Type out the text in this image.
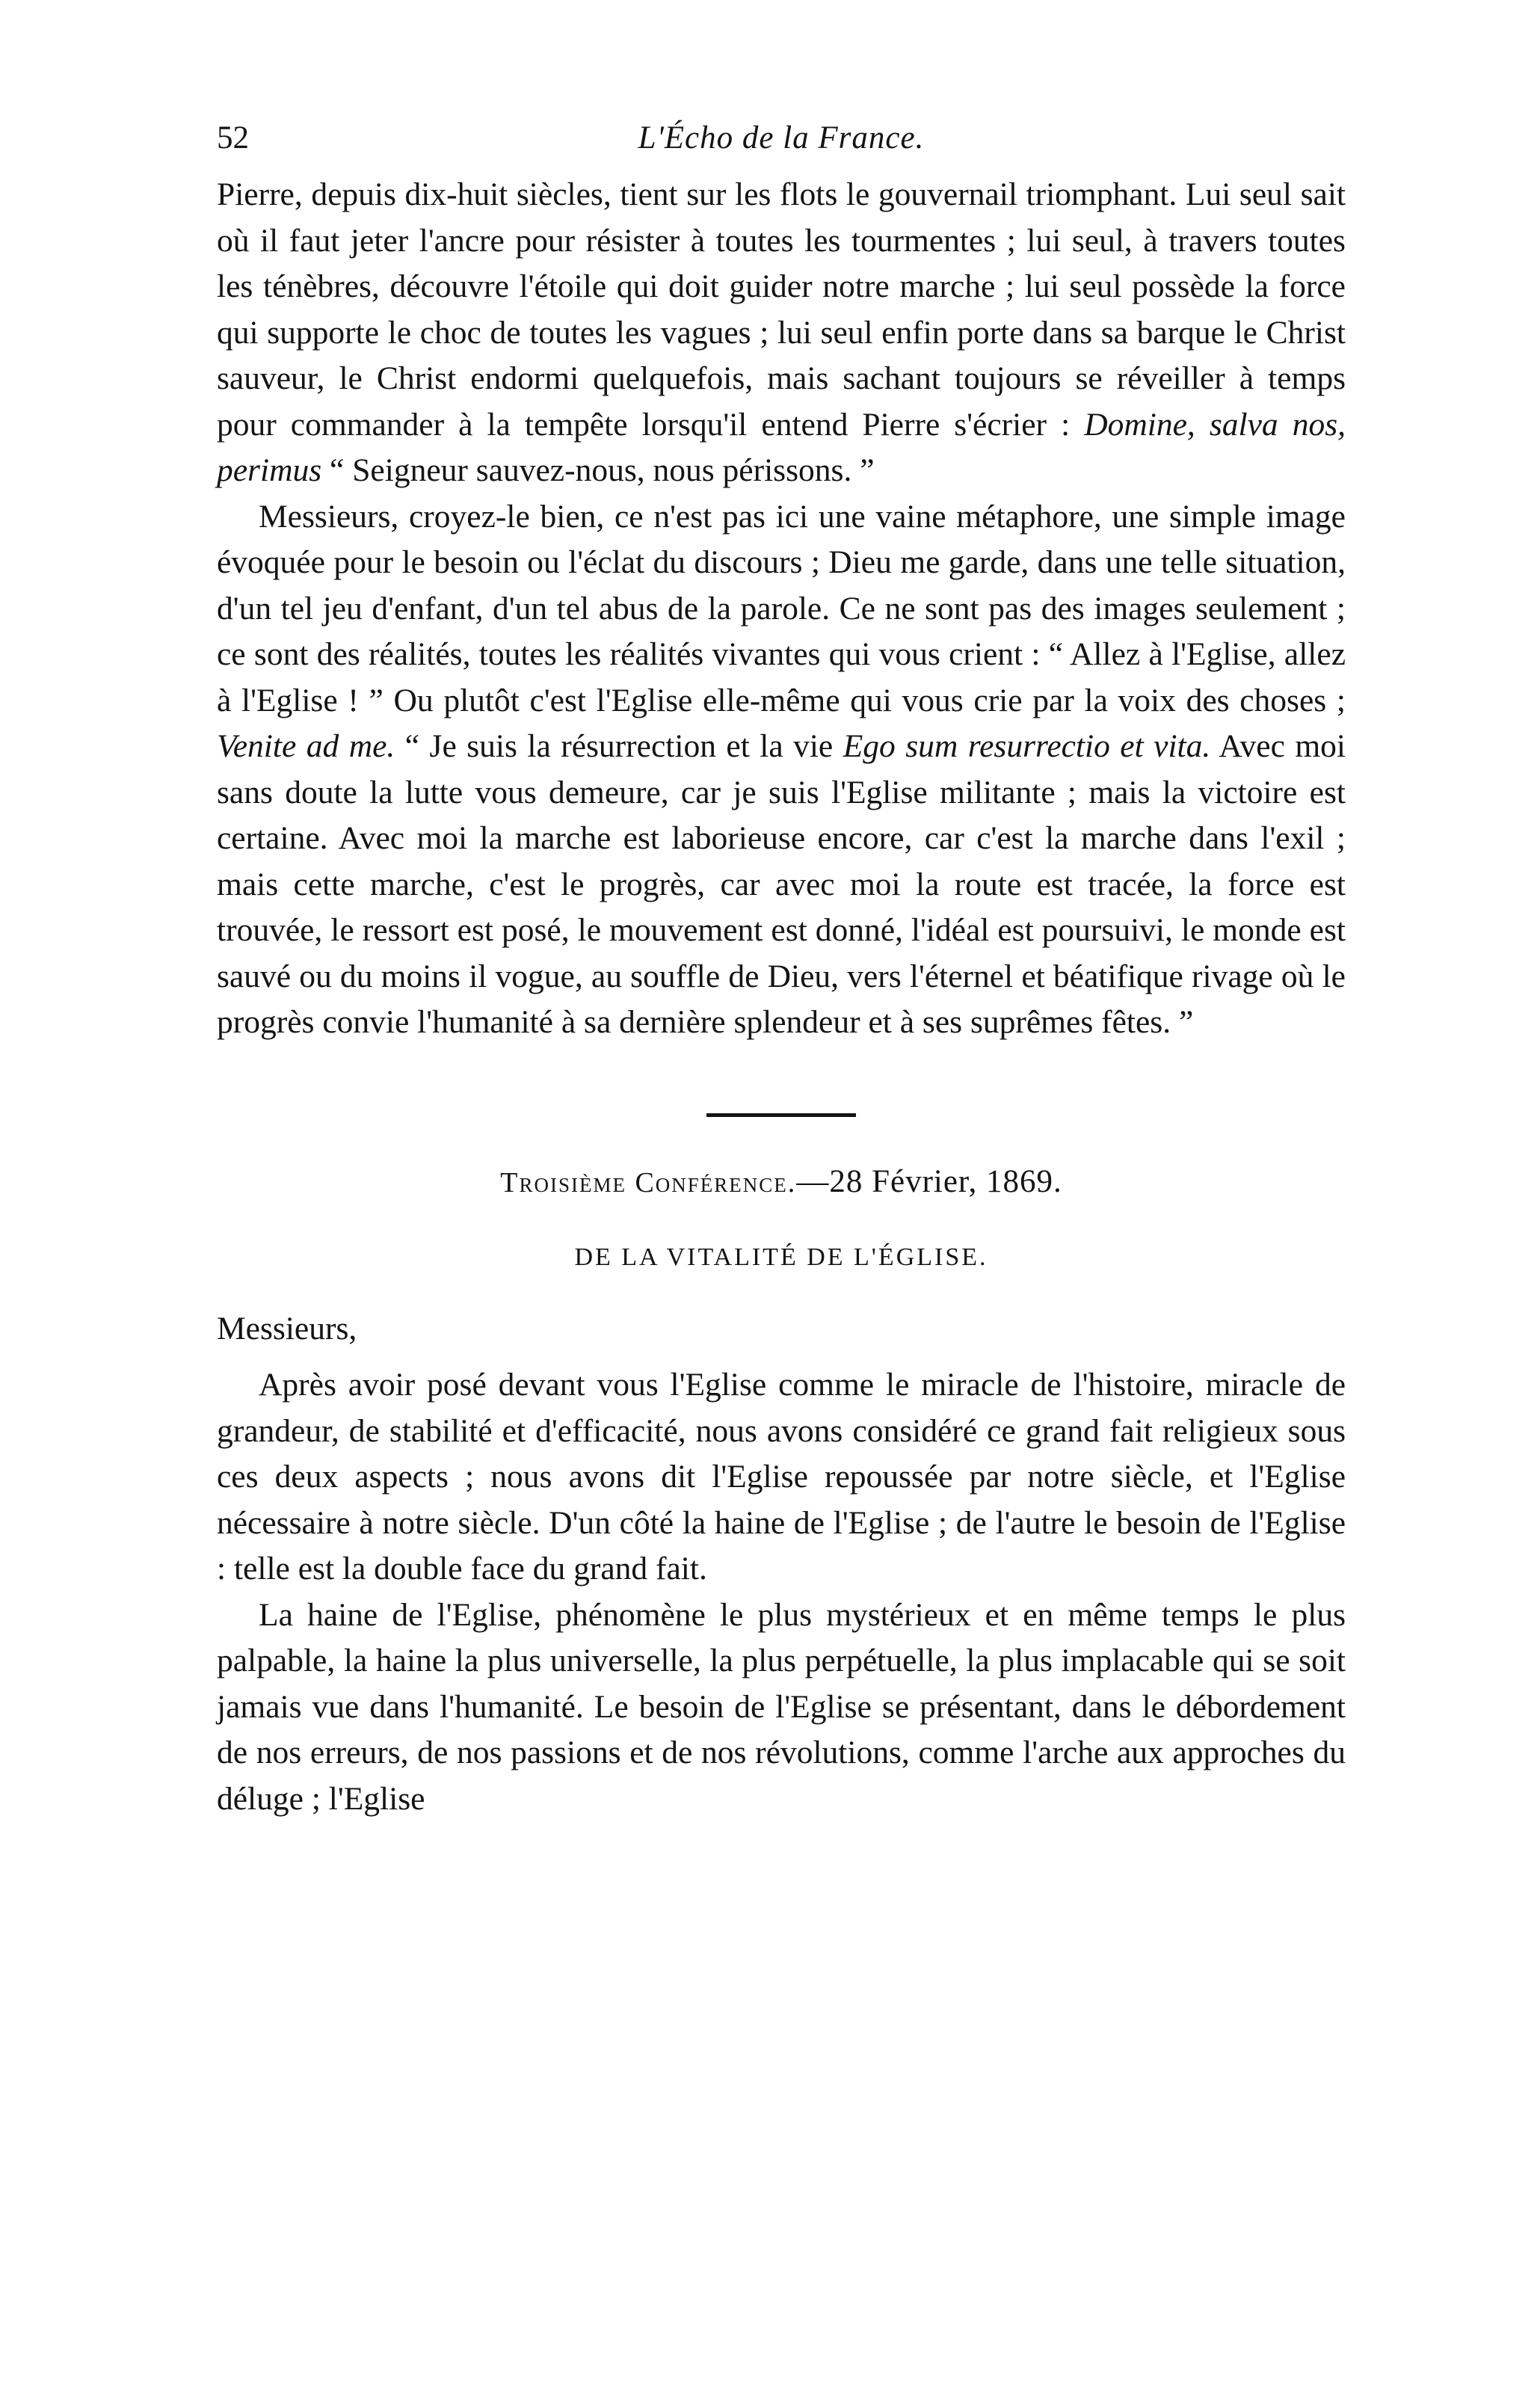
52	L'Écho de la France.

Pierre, depuis dix-huit siècles, tient sur les flots le gouvernail triomphant. Lui seul sait où il faut jeter l'ancre pour résister à toutes les tourmentes ; lui seul, à travers toutes les ténèbres, découvre l'étoile qui doit guider notre marche ; lui seul possède la force qui supporte le choc de toutes les vagues ; lui seul enfin porte dans sa barque le Christ sauveur, le Christ endormi quelquefois, mais sachant toujours se réveiller à temps pour commander à la tempête lorsqu'il entend Pierre s'écrier : Domine, salva nos, perimus “ Seigneur sauvez-nous, nous périssons. ”

Messieurs, croyez-le bien, ce n'est pas ici une vaine métaphore, une simple image évoquée pour le besoin ou l'éclat du discours ; Dieu me garde, dans une telle situation, d'un tel jeu d'enfant, d'un tel abus de la parole. Ce ne sont pas des images seulement ; ce sont des réalités, toutes les réalités vivantes qui vous crient : “ Allez à l'Eglise, allez à l'Eglise ! ” Ou plutôt c'est l'Eglise elle-même qui vous crie par la voix des choses ; Venite ad me. “ Je suis la résurrection et la vie Ego sum resurrectio et vita. Avec moi sans doute la lutte vous demeure, car je suis l'Eglise militante ; mais la victoire est certaine. Avec moi la marche est laborieuse encore, car c'est la marche dans l'exil ; mais cette marche, c'est le progrès, car avec moi la route est tracée, la force est trouvée, le ressort est posé, le mouvement est donné, l'idéal est poursuivi, le monde est sauvé ou du moins il vogue, au souffle de Dieu, vers l'éternel et béatifique rivage où le progrès convie l'humanité à sa dernière splendeur et à ses suprêmes fêtes. ”

Troisième Conférence.—28 Février, 1869.
DE LA VITALITÉ DE L'ÉGLISE.
Messieurs,

Après avoir posé devant vous l'Eglise comme le miracle de l'histoire, miracle de grandeur, de stabilité et d'efficacité, nous avons considéré ce grand fait religieux sous ces deux aspects ; nous avons dit l'Eglise repoussée par notre siècle, et l'Eglise nécessaire à notre siècle. D'un côté la haine de l'Eglise ; de l'autre le besoin de l'Eglise : telle est la double face du grand fait.

La haine de l'Eglise, phénomène le plus mystérieux et en même temps le plus palpable, la haine la plus universelle, la plus perpétuelle, la plus implacable qui se soit jamais vue dans l'humanité. Le besoin de l'Eglise se présentant, dans le débordement de nos erreurs, de nos passions et de nos révolutions, comme l'arche aux approches du déluge ; l'Eglise
